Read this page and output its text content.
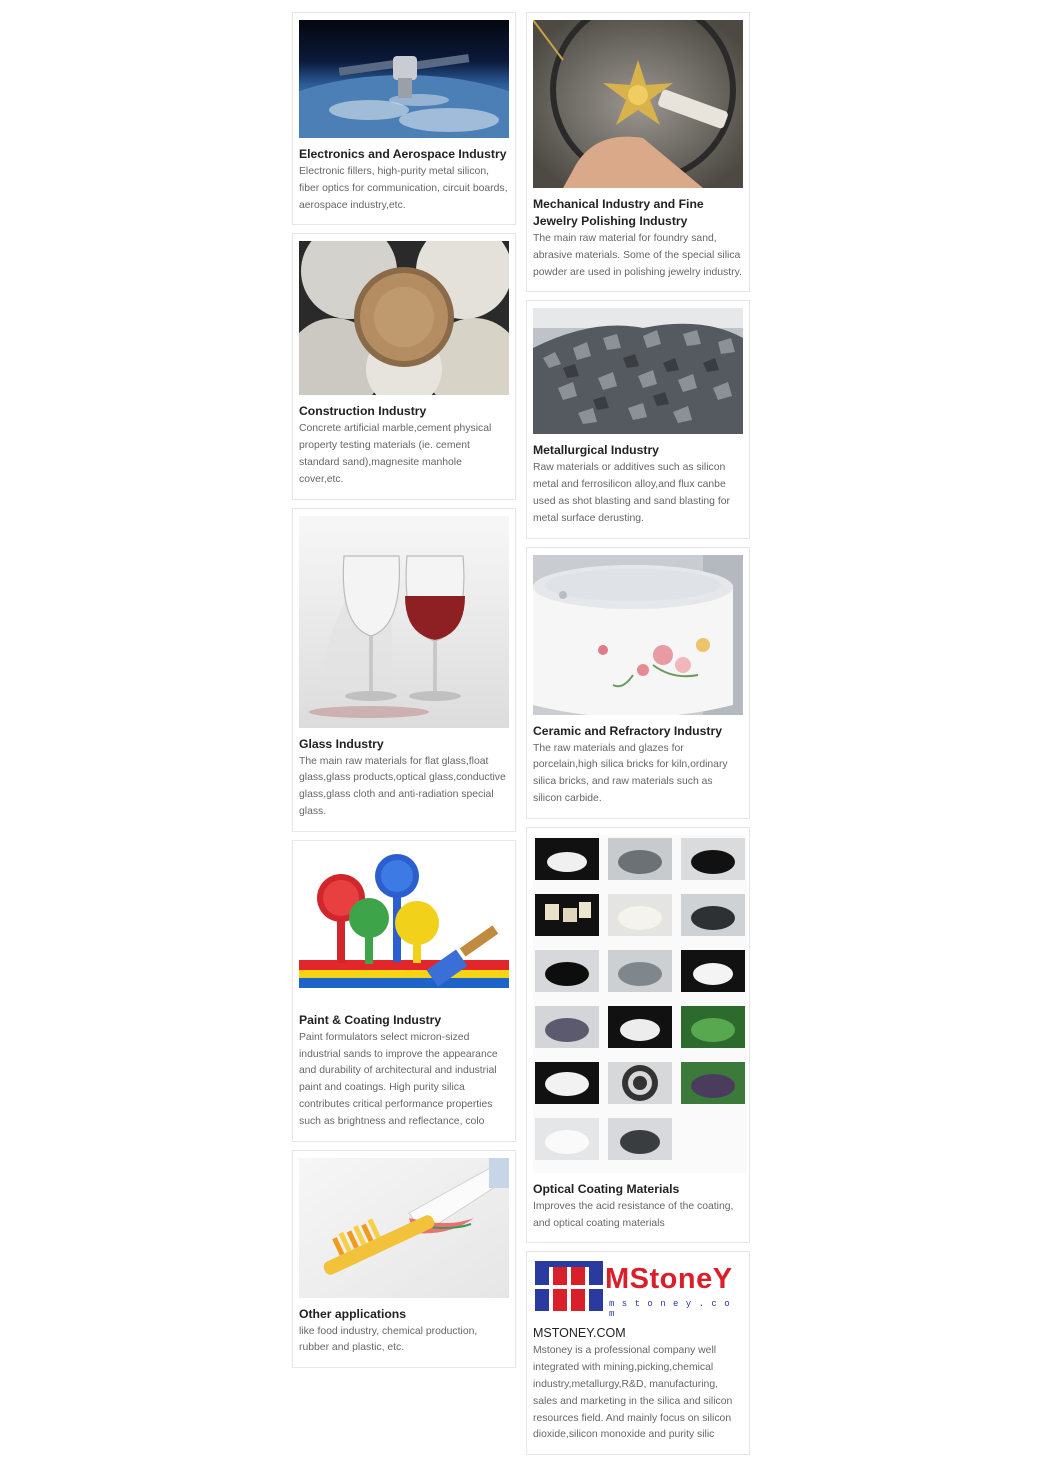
Electronics and Aerospace Industry
Electronic fillers, high-purity metal silicon, fiber optics for communication, circuit boards, aerospace industry,etc.
Construction Industry
Concrete artificial marble,cement physical property testing materials (ie. cement standard sand),magnesite manhole cover,etc.
Glass Industry
The main raw materials for flat glass,float glass,glass products,optical glass,conductive glass,glass cloth and anti-radiation special glass.
Paint & Coating Industry
Paint formulators select micron-sized industrial sands to improve the appearance and durability of architectural and industrial paint and coatings. High purity silica contributes critical performance properties such as brightness and reflectance, colo
Other applications
like food industry, chemical production, rubber and plastic, etc.
Mechanical Industry and Fine Jewelry Polishing Industry
The main raw material for foundry sand, abrasive materials. Some of the special silica powder are used in polishing jewelry industry.
Metallurgical Industry
Raw materials or additives such as silicon metal and ferrosilicon alloy,and flux canbe used as shot blasting and sand blasting for metal surface derusting.
Ceramic and Refractory Industry
The raw materials and glazes for porcelain,high silica bricks for kiln,ordinary silica bricks, and raw materials such as silicon carbide.
Optical Coating Materials
Improves the acid resistance of the coating, and optical coating materials
MStoneY
m s t o n e y . c o m
MSTONEY.COM
Mstoney is a professional company well integrated with mining,picking,chemical industry,metallurgy,R&D, manufacturing, sales and marketing in the silica and silicon resources field. And mainly focus on silicon dioxide,silicon monoxide and purity silic
